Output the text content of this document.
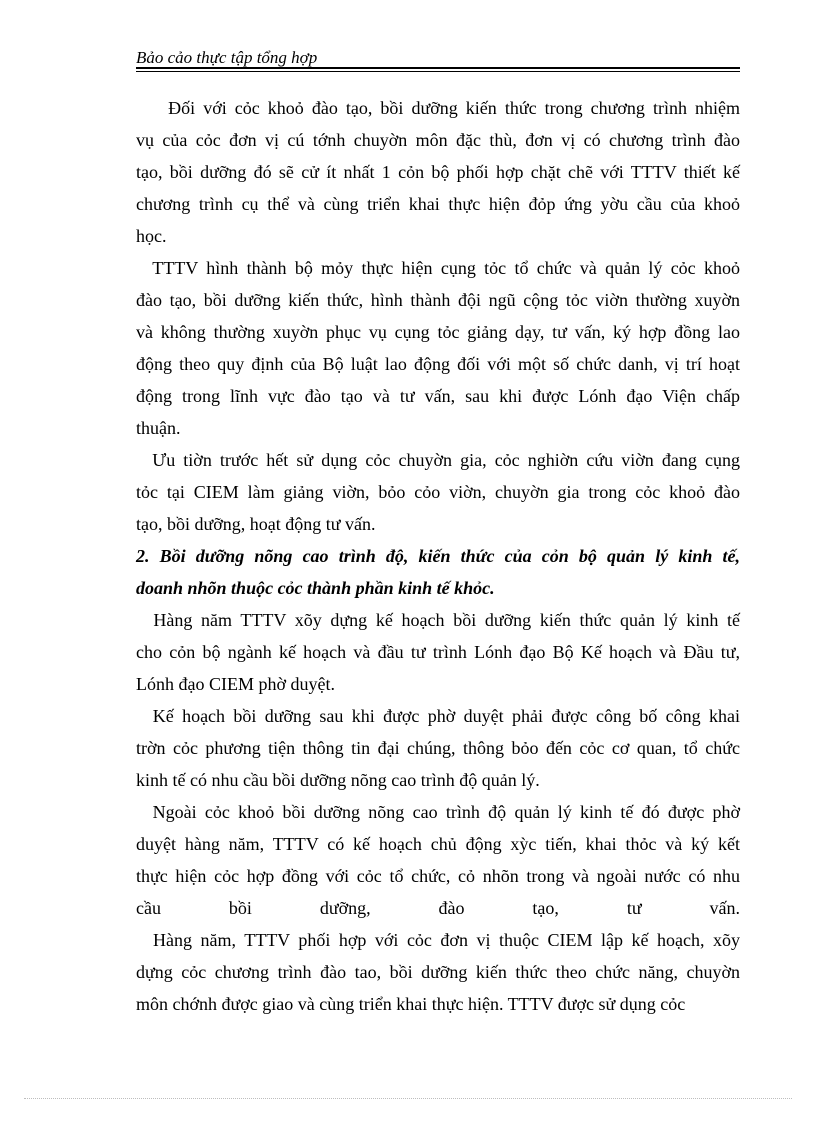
Bảo cảo thực tập tổng hợp
Đối với cỏc khoỏ đào tạo, bồi dưỡng kiến thức trong chương trình nhiệm
vụ của cỏc đơn vị cú tớnh chuyờn môn đặc thù, đơn vị có chương trình đào
tạo, bồi dưỡng đó sẽ cử ít nhất 1 cỏn bộ phối hợp chặt chẽ với TTTV thiết kế
chương trình cụ thể và cùng triển khai thực hiện đỏp ứng yờu cầu của khoỏ
học.
TTTV hình thành bộ mỏy thực hiện cụng tỏc tổ chức và quản lý cỏc khoỏ
đào tạo, bồi dưỡng kiến thức, hình thành đội ngũ cộng tỏc viờn thường xuyờn
và không thường xuyờn phục vụ cụng tỏc giảng dạy, tư vấn, ký hợp đồng lao
động theo quy định của Bộ luật lao động đối với một số chức danh, vị trí hoạt
động trong lĩnh vực đào tạo và tư vấn, sau khi được Lónh đạo Viện chấp
thuận.
Ưu tiờn trước hết sử dụng cỏc chuyờn gia, cỏc nghiờn cứu viờn đang cụng
tỏc tại CIEM làm giảng viờn, bỏo cỏo viờn, chuyờn gia trong cỏc khoỏ đào
tạo, bồi dưỡng, hoạt động tư vấn.
2. Bồi dưỡng nõng cao trình độ, kiến thức của cỏn bộ quản lý kinh tế,
doanh nhõn thuộc cỏc thành phần kinh tế khỏc.
Hàng năm TTTV xõy dựng kế hoạch bồi dưỡng kiến thức quản lý kinh tế
cho cỏn bộ ngành kế hoạch và đầu tư trình Lónh đạo Bộ Kế hoạch và Đầu tư,
Lónh đạo CIEM phờ duyệt.
Kế hoạch bồi dưỡng sau khi được phờ duyệt phải được công bố công khai
trờn cỏc phương tiện thông tin đại chúng, thông bỏo đến cỏc cơ quan, tổ chức
kinh tế có nhu cầu bồi dưỡng nõng cao trình độ quản lý.
Ngoài cỏc khoỏ bồi dưỡng nõng cao trình độ quản lý kinh tế đó được phờ
duyệt hàng năm, TTTV có kế hoạch chủ động xỳc tiến, khai thỏc và ký kết
thực hiện cỏc hợp đồng với cỏc tổ chức, cỏ nhõn trong và ngoài nước có nhu
cầu bồi dưỡng, đào tạo, tư vấn.
Hàng năm, TTTV phối hợp với cỏc đơn vị thuộc CIEM lập kế hoạch, xõy
dựng cỏc chương trình đào tao, bồi dưỡng kiến thức theo chức năng, chuyờn
môn chớnh được giao và cùng triển khai thực hiện. TTTV được sử dụng cỏc
